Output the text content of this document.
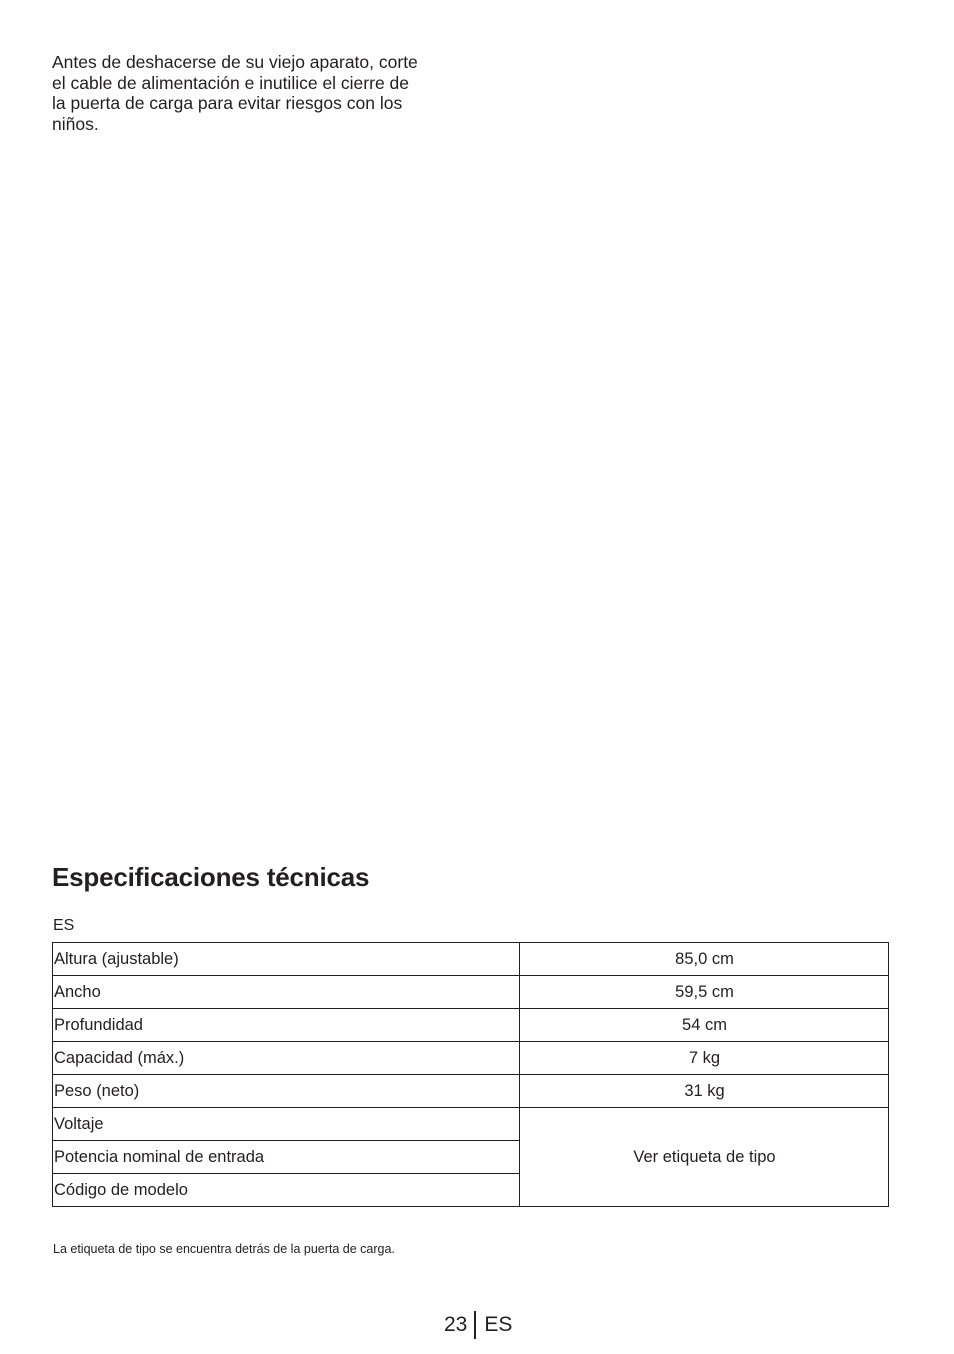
Antes de deshacerse de su viejo aparato, corte
el cable de alimentación e inutilice el cierre de
la puerta de carga para evitar riesgos con los
niños.

Especificaciones técnicas
ES
Altura (ajustable)	85,0 cm
Ancho	59,5 cm
Profundidad	54 cm
Capacidad (máx.)	7 kg
Peso (neto)	31 kg
Voltaje	Ver etiqueta de tipo
Potencia nominal de entrada	
Código de modelo	
La etiqueta de tipo se encuentra detrás de la puerta de carga.
23 ES
